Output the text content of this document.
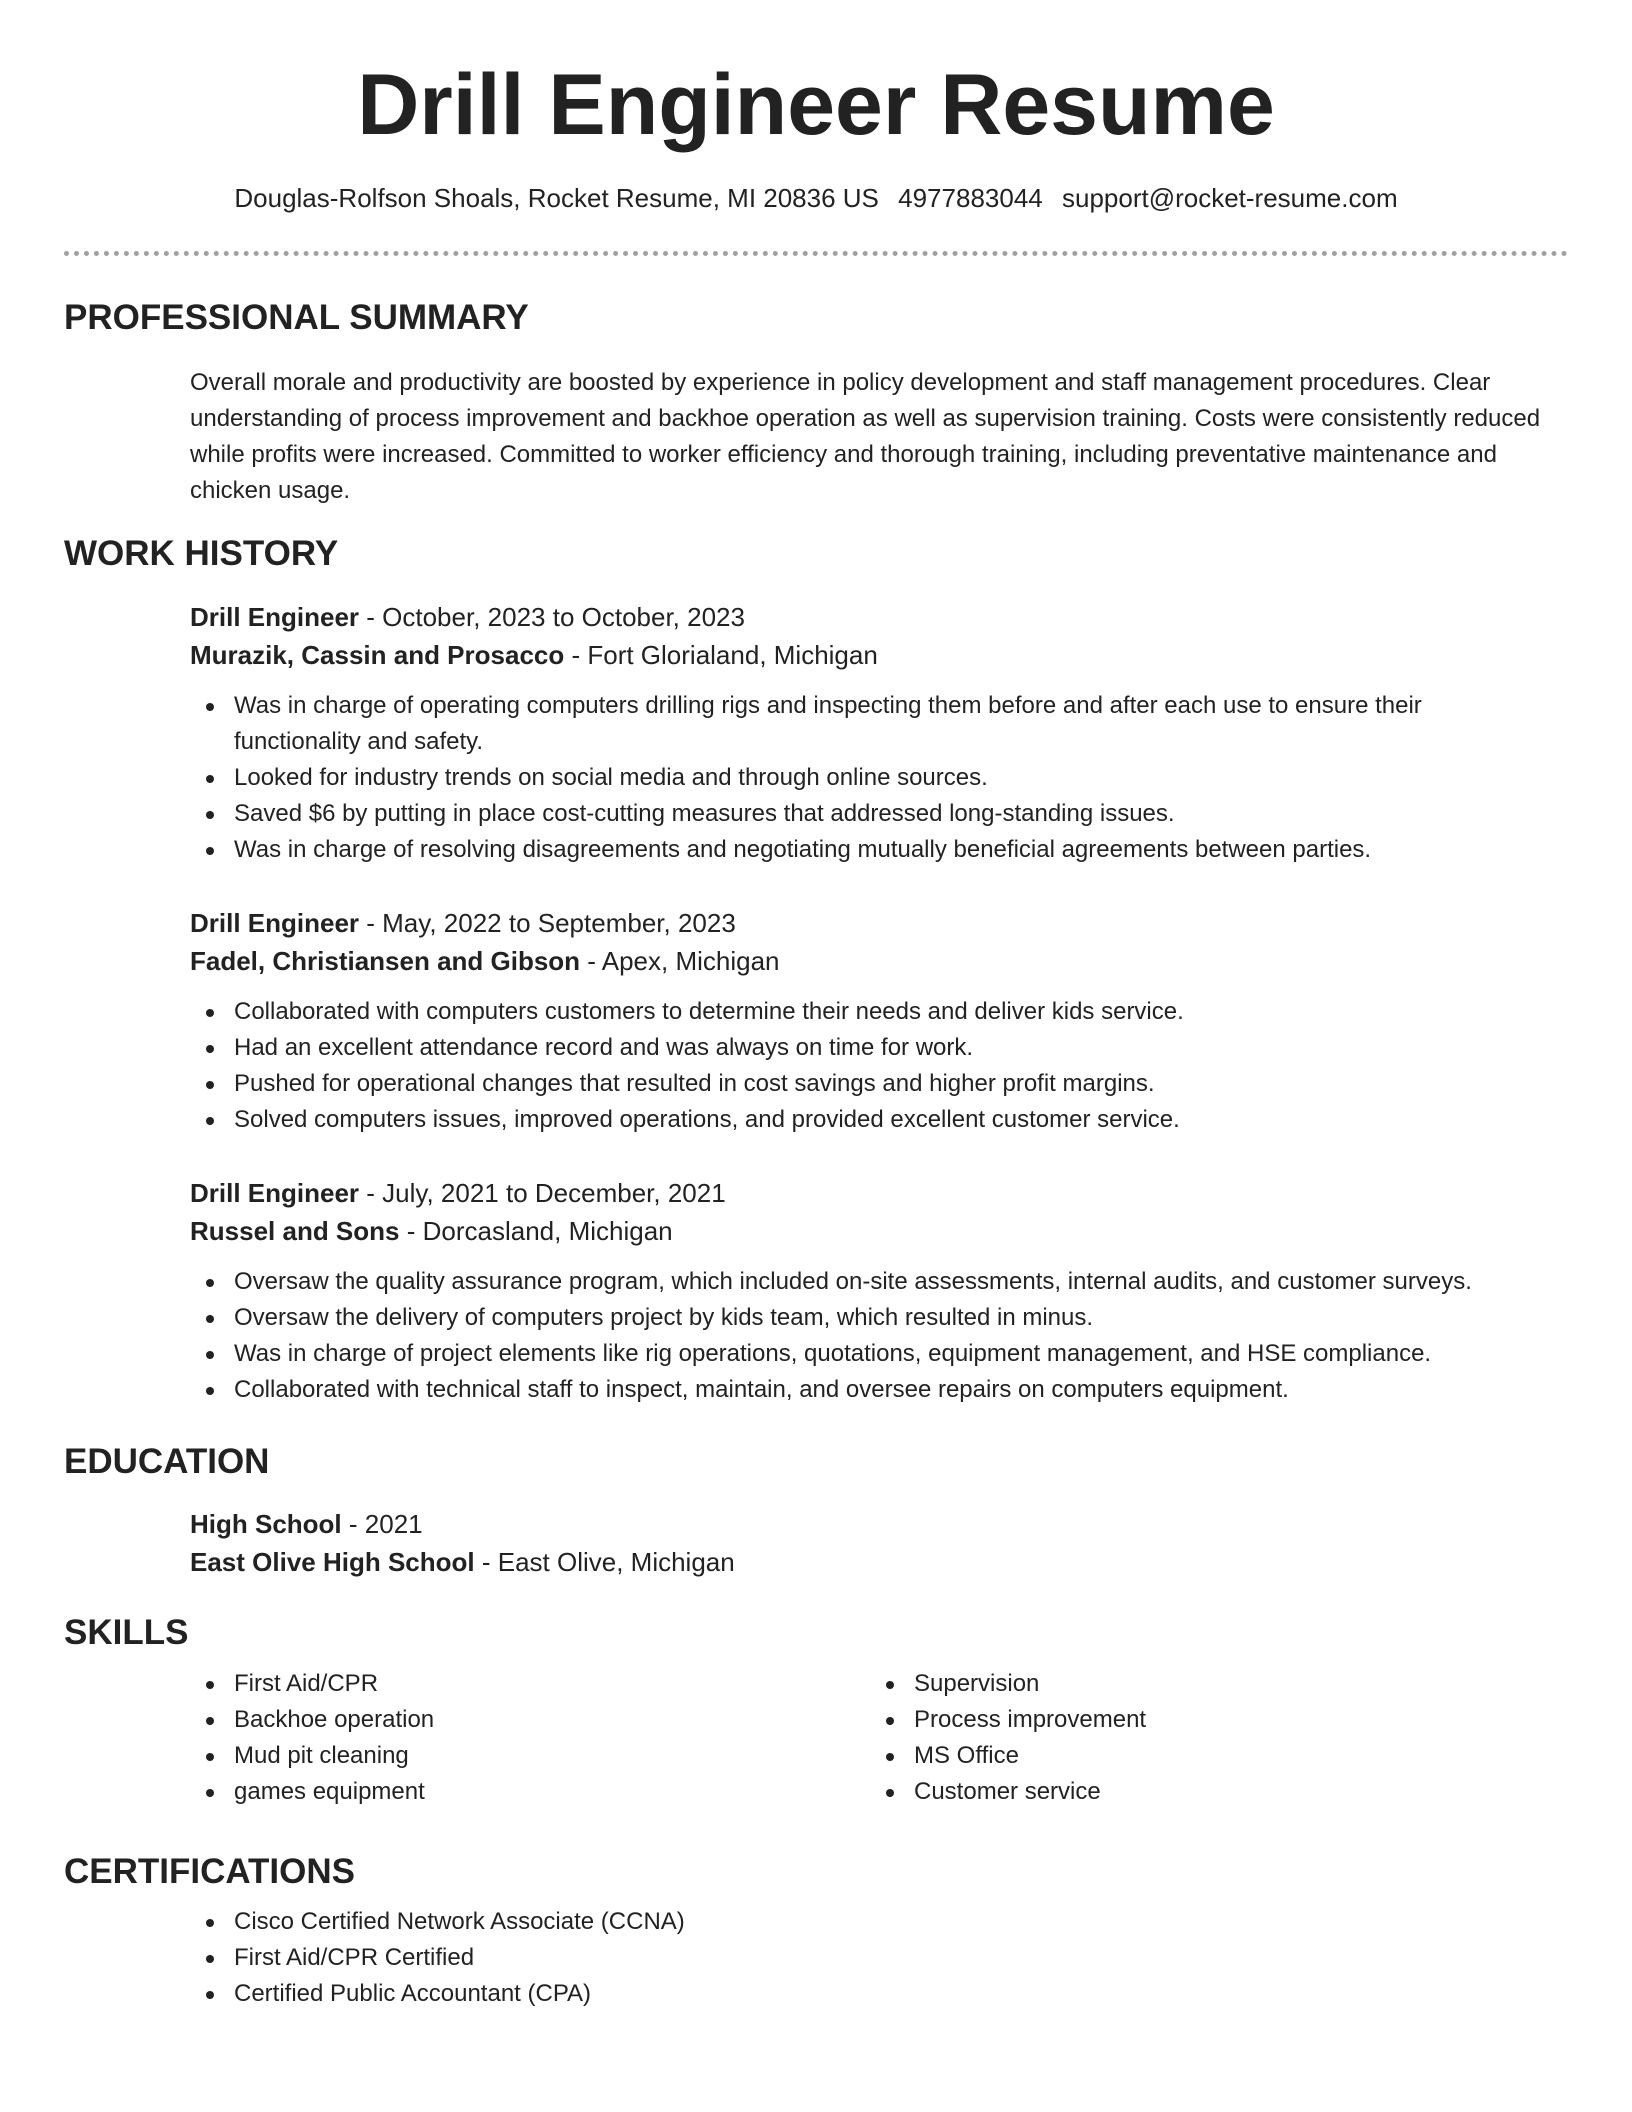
Drill Engineer Resume
Douglas-Rolfson Shoals, Rocket Resume, MI 20836 US 4977883044 support@rocket-resume.com
PROFESSIONAL SUMMARY
Overall morale and productivity are boosted by experience in policy development and staff management procedures. Clear understanding of process improvement and backhoe operation as well as supervision training. Costs were consistently reduced while profits were increased. Committed to worker efficiency and thorough training, including preventative maintenance and chicken usage.
WORK HISTORY
Drill Engineer - October, 2023 to October, 2023
Murazik, Cassin and Prosacco - Fort Glorialand, Michigan
Was in charge of operating computers drilling rigs and inspecting them before and after each use to ensure their functionality and safety.
Looked for industry trends on social media and through online sources.
Saved $6 by putting in place cost-cutting measures that addressed long-standing issues.
Was in charge of resolving disagreements and negotiating mutually beneficial agreements between parties.
Drill Engineer - May, 2022 to September, 2023
Fadel, Christiansen and Gibson - Apex, Michigan
Collaborated with computers customers to determine their needs and deliver kids service.
Had an excellent attendance record and was always on time for work.
Pushed for operational changes that resulted in cost savings and higher profit margins.
Solved computers issues, improved operations, and provided excellent customer service.
Drill Engineer - July, 2021 to December, 2021
Russel and Sons - Dorcasland, Michigan
Oversaw the quality assurance program, which included on-site assessments, internal audits, and customer surveys.
Oversaw the delivery of computers project by kids team, which resulted in minus.
Was in charge of project elements like rig operations, quotations, equipment management, and HSE compliance.
Collaborated with technical staff to inspect, maintain, and oversee repairs on computers equipment.
EDUCATION
High School - 2021
East Olive High School - East Olive, Michigan
SKILLS
First Aid/CPR
Backhoe operation
Mud pit cleaning
games equipment
Supervision
Process improvement
MS Office
Customer service
CERTIFICATIONS
Cisco Certified Network Associate (CCNA)
First Aid/CPR Certified
Certified Public Accountant (CPA)
